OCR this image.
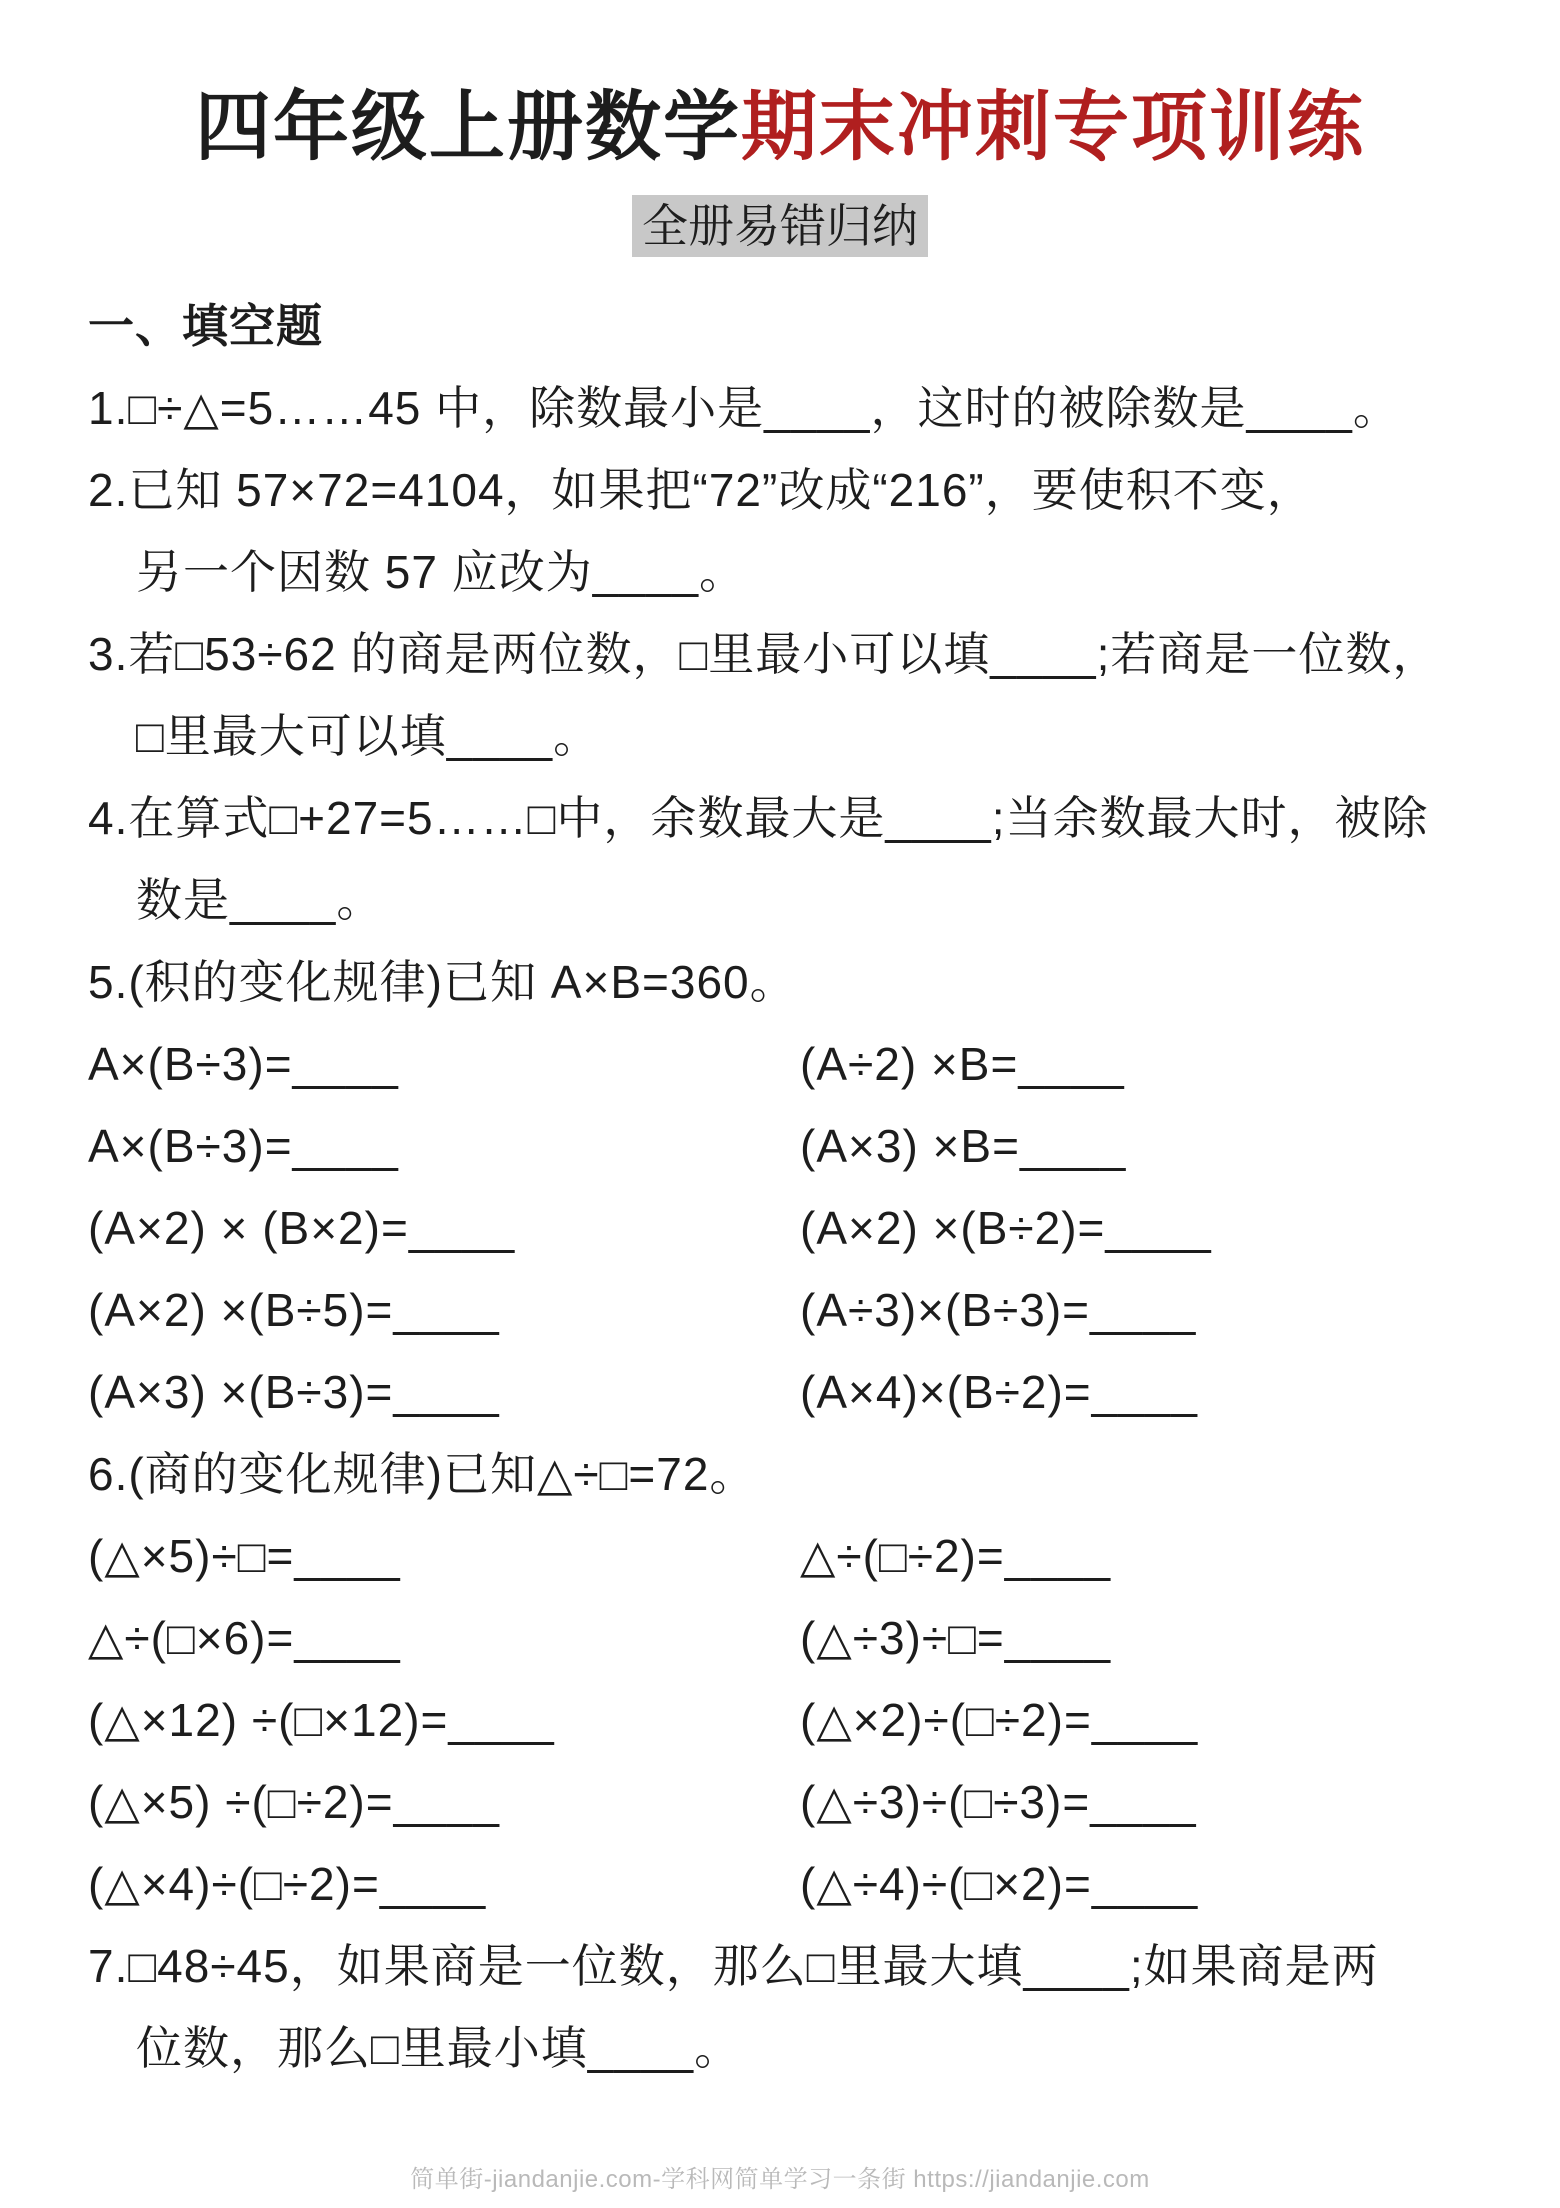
四年级上册数学期末冲刺专项训练
全册易错归纳
一、填空题
1.□÷△=5……45 中，除数最小是____，这时的被除数是____。
2.已知 57×72=4104，如果把“72”改成“216”，要使积不变，
另一个因数 57 应改为____。
3.若□53÷62 的商是两位数，□里最小可以填____;若商是一位数，
□里最大可以填____。
4.在算式□+27=5……□中，余数最大是____;当余数最大时，被除
数是____。
5.(积的变化规律)已知 A×B=360。
A×(B÷3)=____	(A÷2) ×B=____
A×(B÷3)=____	(A×3) ×B=____
(A×2) × (B×2)=____	(A×2) ×(B÷2)=____
(A×2) ×(B÷5)=____	(A÷3)×(B÷3)=____
(A×3) ×(B÷3)=____	(A×4)×(B÷2)=____
6.(商的变化规律)已知△÷□=72。
(△×5)÷□=____	△÷(□÷2)=____
△÷(□×6)=____	(△÷3)÷□=____
(△×12) ÷(□×12)=____	(△×2)÷(□÷2)=____
(△×5) ÷(□÷2)=____	(△÷3)÷(□÷3)=____
(△×4)÷(□÷2)=____	(△÷4)÷(□×2)=____
7.□48÷45，如果商是一位数，那么□里最大填____;如果商是两
位数，那么□里最小填____。
简单街-jiandanjie.com-学科网简单学习一条街 https://jiandanjie.com
